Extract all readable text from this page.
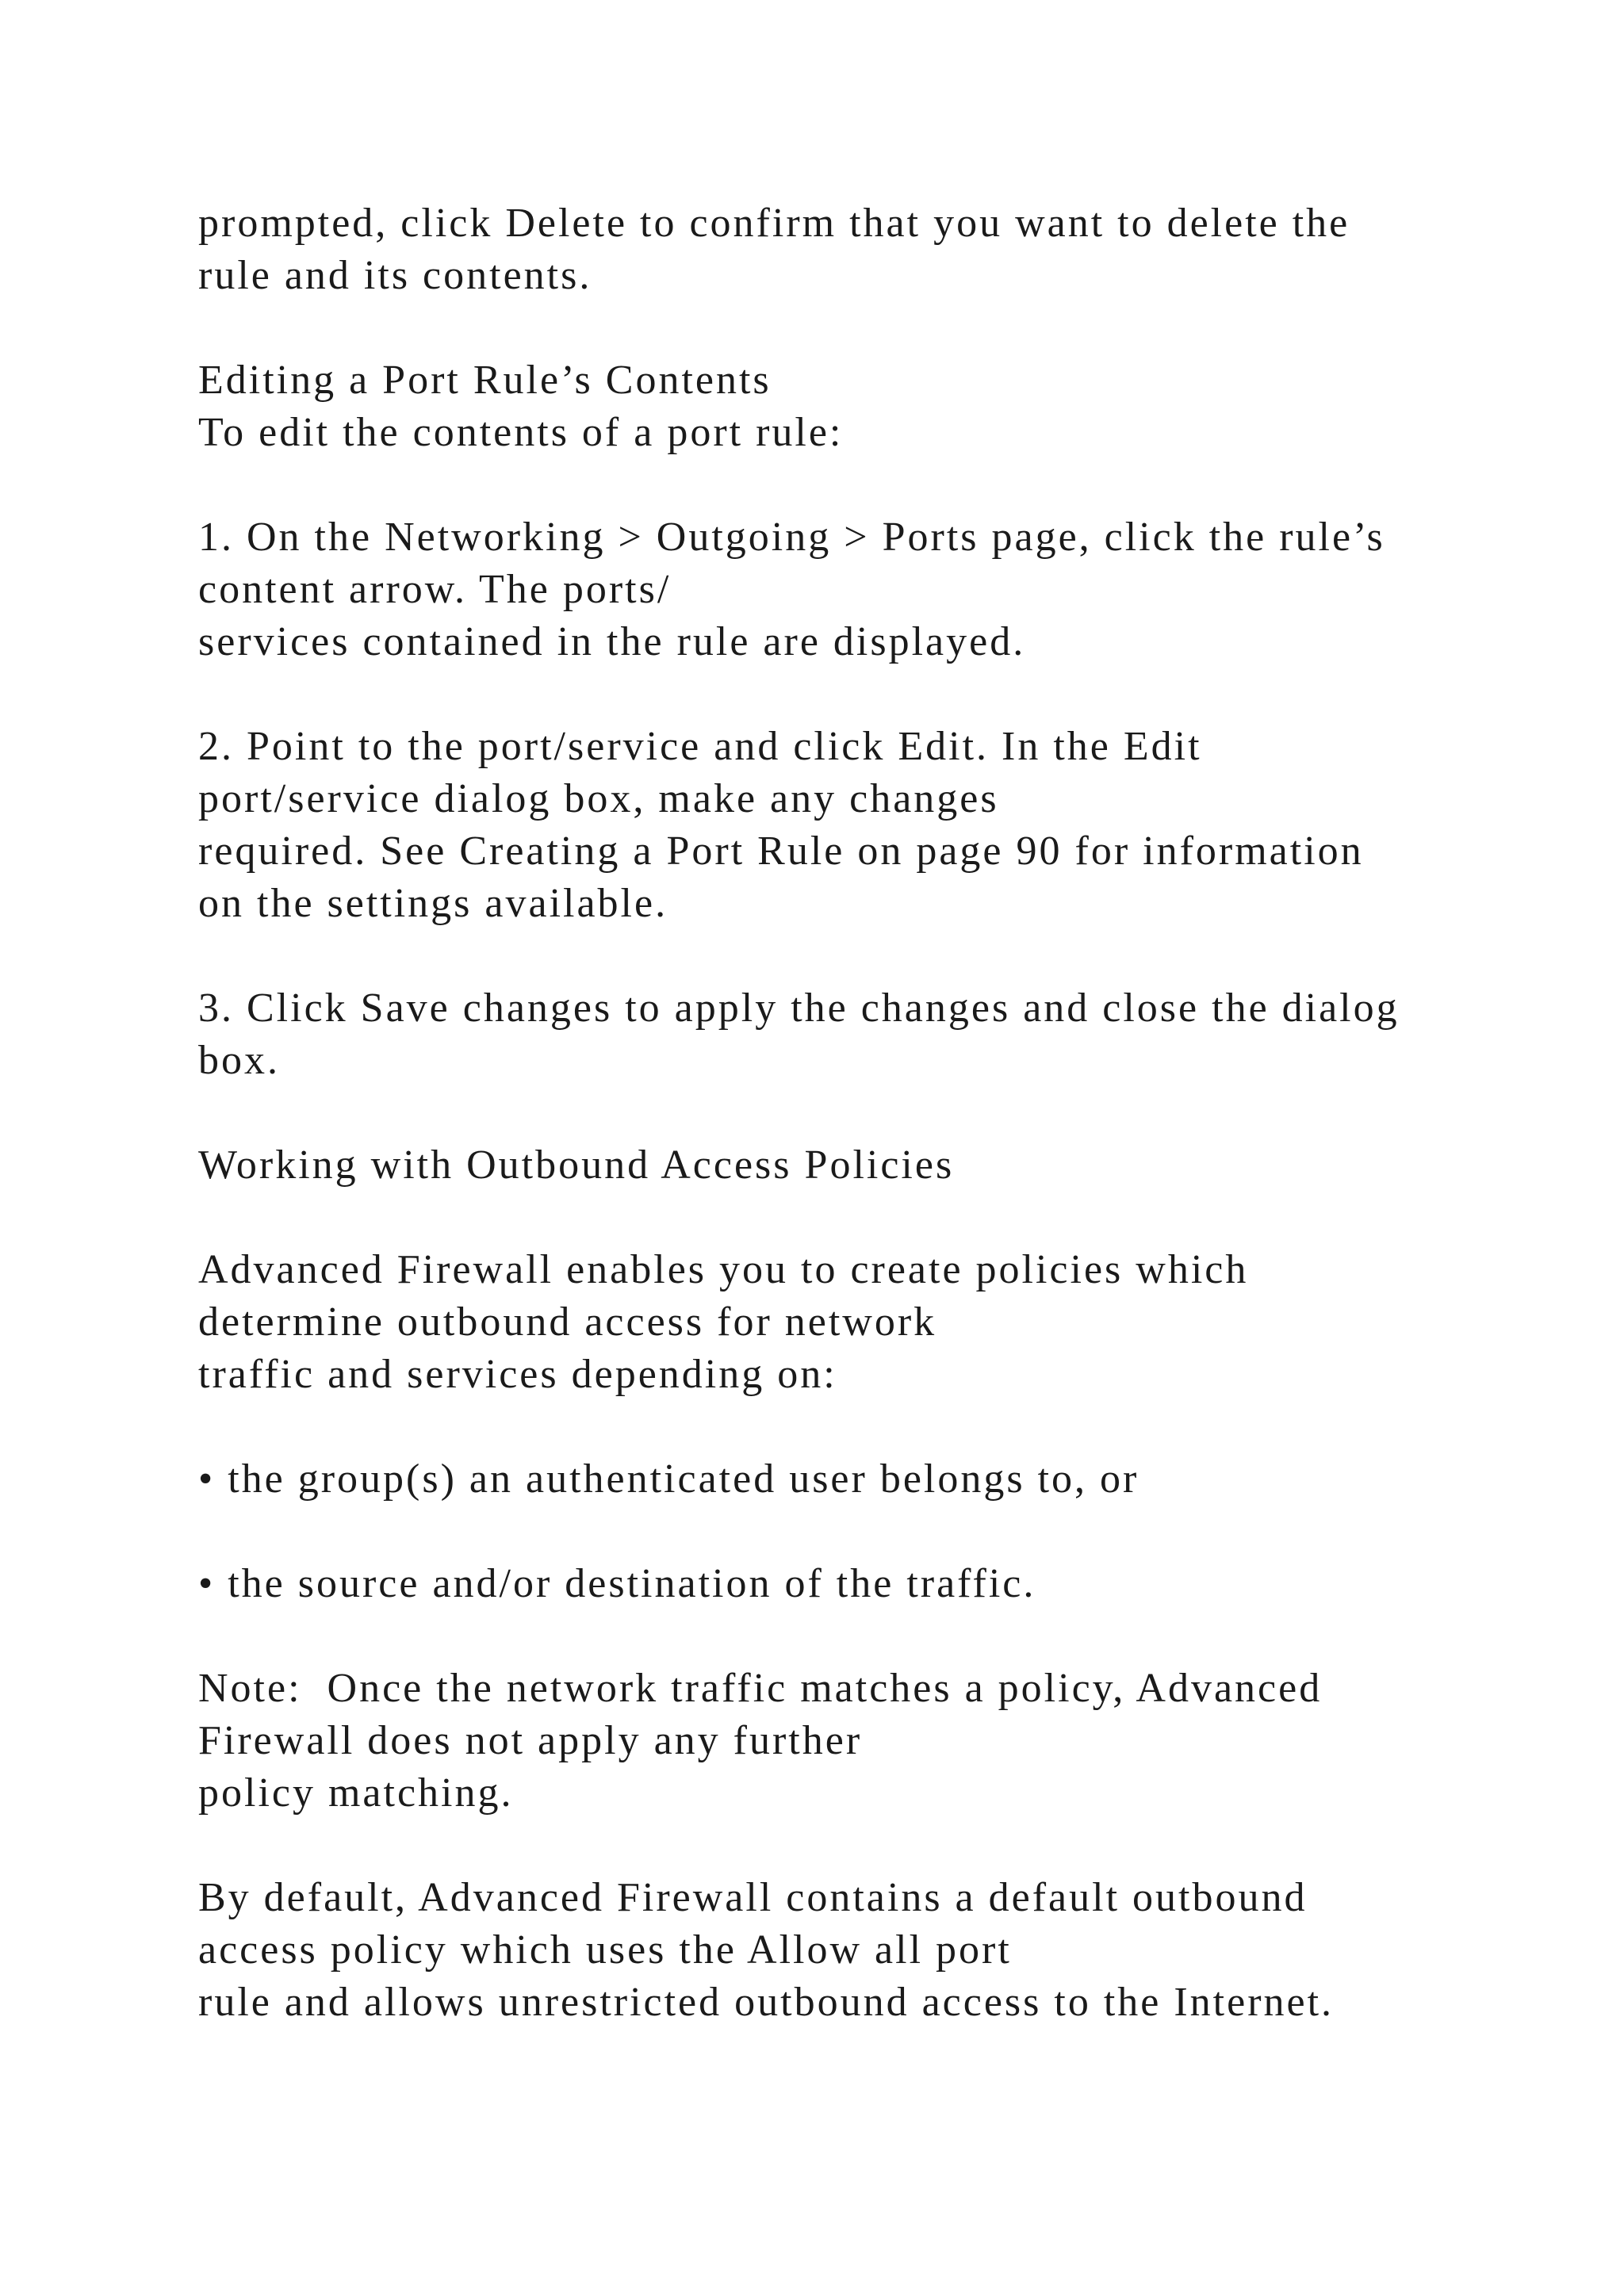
prompted, click Delete to confirm that you want to delete the

rule and its contents.

Editing a Port Rule’s Contents

To edit the contents of a port rule:

1. On the Networking > Outgoing > Ports page, click the rule’s

content arrow. The ports/

services contained in the rule are displayed.

2. Point to the port/service and click Edit. In the Edit

port/service dialog box, make any changes

required. See Creating a Port Rule on page 90 for information

on the settings available.

3. Click Save changes to apply the changes and close the dialog

box.

Working with Outbound Access Policies

Advanced Firewall enables you to create policies which

determine outbound access for network

traffic and services depending on:

• the group(s) an authenticated user belongs to, or

• the source and/or destination of the traffic.

Note:  Once the network traffic matches a policy, Advanced

Firewall does not apply any further

policy matching.

By default, Advanced Firewall contains a default outbound

access policy which uses the Allow all port

rule and allows unrestricted outbound access to the Internet.
